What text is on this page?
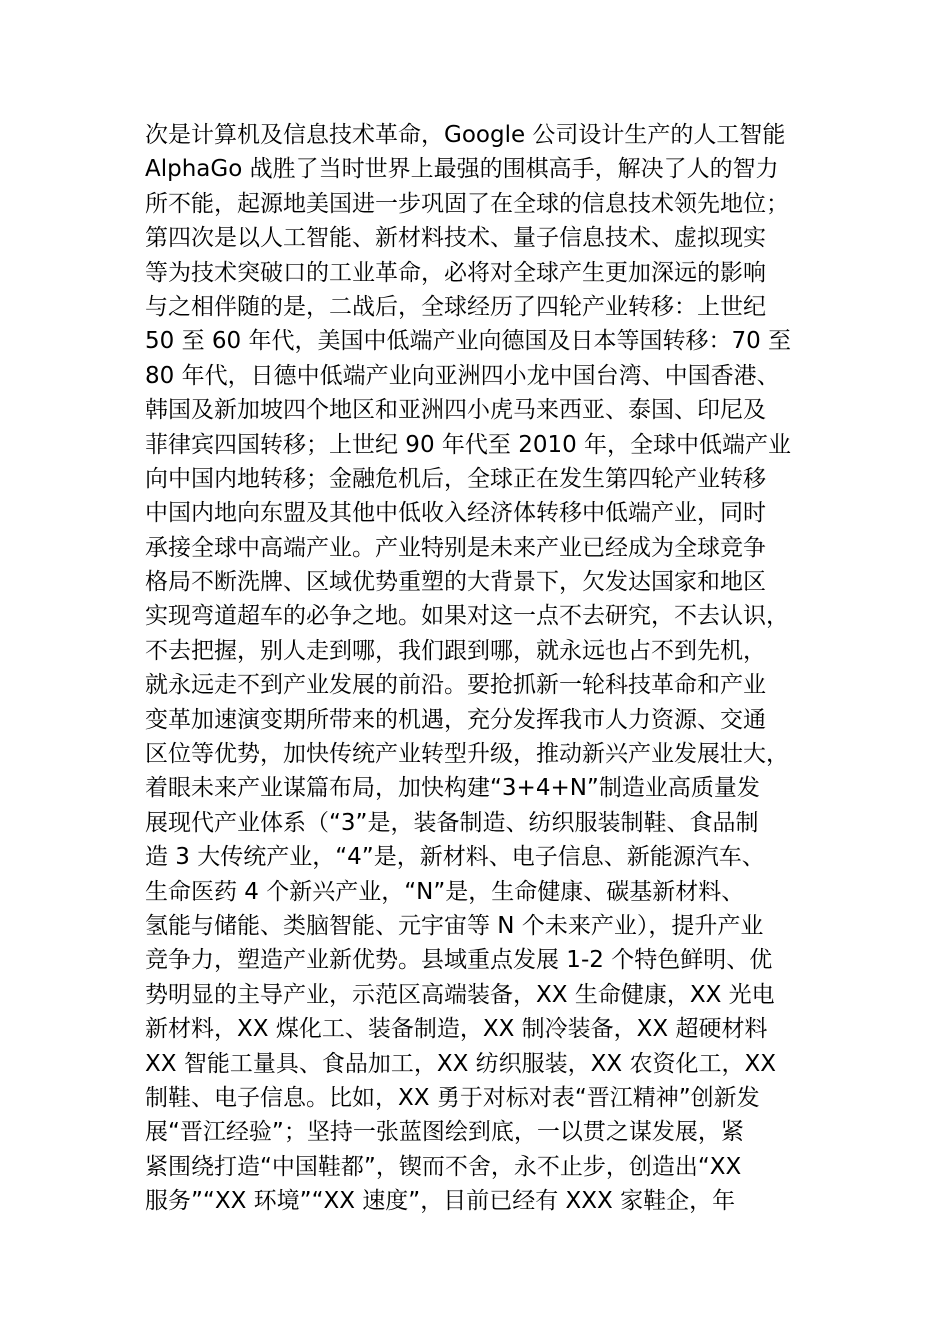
次是计算机及信息技术革命，Google 公司设计生产的人工智能
AlphaGo 战胜了当时世界上最强的围棋高手，解决了人的智力
所不能，起源地美国进一步巩固了在全球的信息技术领先地位；
第四次是以人工智能、新材料技术、量子信息技术、虚拟现实
等为技术突破口的工业革命，必将对全球产生更加深远的影响
与之相伴随的是，二战后，全球经历了四轮产业转移：上世纪
50 至 60 年代，美国中低端产业向德国及日本等国转移：70 至
80 年代，日德中低端产业向亚洲四小龙中国台湾、中国香港、
韩国及新加坡四个地区和亚洲四小虎马来西亚、泰国、印尼及
菲律宾四国转移；上世纪 90 年代至 2010 年，全球中低端产业
向中国内地转移；金融危机后，全球正在发生第四轮产业转移
中国内地向东盟及其他中低收入经济体转移中低端产业，同时
承接全球中高端产业。产业特别是未来产业已经成为全球竞争
格局不断洗牌、区域优势重塑的大背景下，欠发达国家和地区
实现弯道超车的必争之地。如果对这一点不去研究，不去认识，
不去把握，别人走到哪，我们跟到哪，就永远也占不到先机，
就永远走不到产业发展的前沿。要抢抓新一轮科技革命和产业
变革加速演变期所带来的机遇，充分发挥我市人力资源、交通
区位等优势，加快传统产业转型升级，推动新兴产业发展壮大，
着眼未来产业谋篇布局，加快构建“3+4+N”制造业高质量发
展现代产业体系（“3”是，装备制造、纺织服装制鞋、食品制
造 3 大传统产业，“4”是，新材料、电子信息、新能源汽车、
生命医药 4 个新兴产业，“N”是，生命健康、碳基新材料、
氢能与储能、类脑智能、元宇宙等 N 个未来产业），提升产业
竞争力，塑造产业新优势。县域重点发展 1-2 个特色鲜明、优
势明显的主导产业，示范区高端装备，XX 生命健康，XX 光电
新材料，XX 煤化工、装备制造，XX 制冷装备，XX 超硬材料
XX 智能工量具、食品加工，XX 纺织服装，XX 农资化工，XX
制鞋、电子信息。比如，XX 勇于对标对表“晋江精神”创新发
展“晋江经验”；坚持一张蓝图绘到底，一以贯之谋发展，紧
紧围绕打造“中国鞋都”，锲而不舍，永不止步，创造出“XX
服务”“XX 环境”“XX 速度”，目前已经有 XXX 家鞋企，年
